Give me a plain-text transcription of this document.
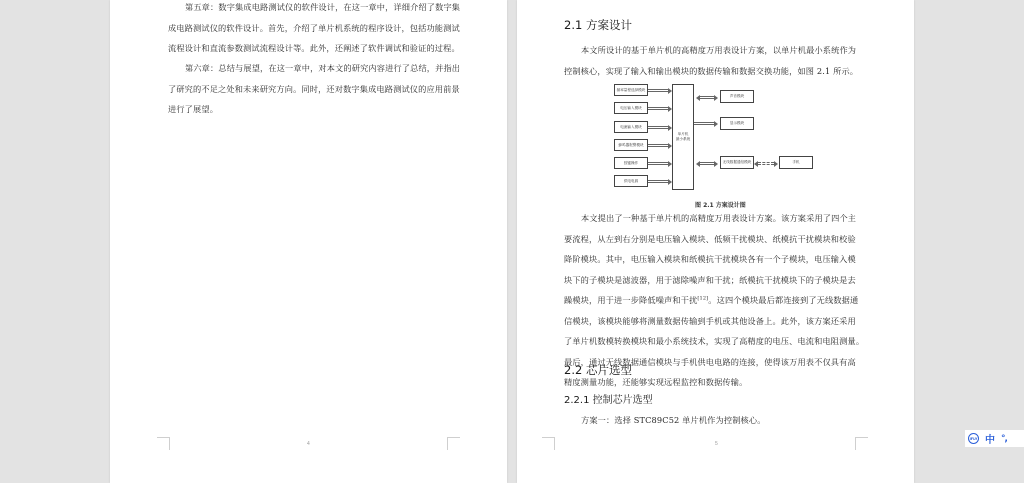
第五章：数字集成电路测试仪的软件设计，在这一章中，详细介绍了数字集
成电路测试仪的软件设计。首先，介绍了单片机系统的程序设计，包括功能测试
流程设计和直流参数测试流程设计等。此外，还阐述了软件调试和验证的过程。
第六章：总结与展望，在这一章中，对本文的研究内容进行了总结，并指出
了研究的不足之处和未来研究方向。同时，还对数字集成电路测试仪的应用前景
进行了展望。
4
2.1 方案设计
本文所设计的基于单片机的高精度万用表设计方案，以单片机最小系统作为
控制核心，实现了输入和输出模块的数据传输和数据交换功能，如图 2.1 所示。
频率量程选择模块
电压输入模块
电流输入模块
蜂鸣器报警模块
按键操作
供电电源
单片机
最小系统
声音模块
显示模块
无线数据通信模块	手机
图 2.1 方案设计图
本文提出了一种基于单片机的高精度万用表设计方案。该方案采用了四个主
要流程，从左到右分别是电压输入模块、低频干扰模块、纸模抗干扰模块和校验
降阶模块。其中，电压输入模块和纸模抗干扰模块各有一个子模块，电压输入模
块下的子模块是滤波器，用于滤除噪声和干扰；纸模抗干扰模块下的子模块是去
躁模块，用于进一步降低噪声和干扰[12]。这四个模块最后都连接到了无线数据通
信模块，该模块能够将测量数据传输到手机或其他设备上。此外，该方案还采用
了单片机数模转换模块和最小系统技术，实现了高精度的电压、电流和电阻测量。
最后，通过无线数据通信模块与手机供电电路的连接，使得该万用表不仅具有高
精度测量功能，还能够实现远程监控和数据传输。
2.2 芯片选型
2.2.1 控制芯片选型
方案一：选择 STC89C52 单片机作为控制核心。
5
iFLY 中 °,
